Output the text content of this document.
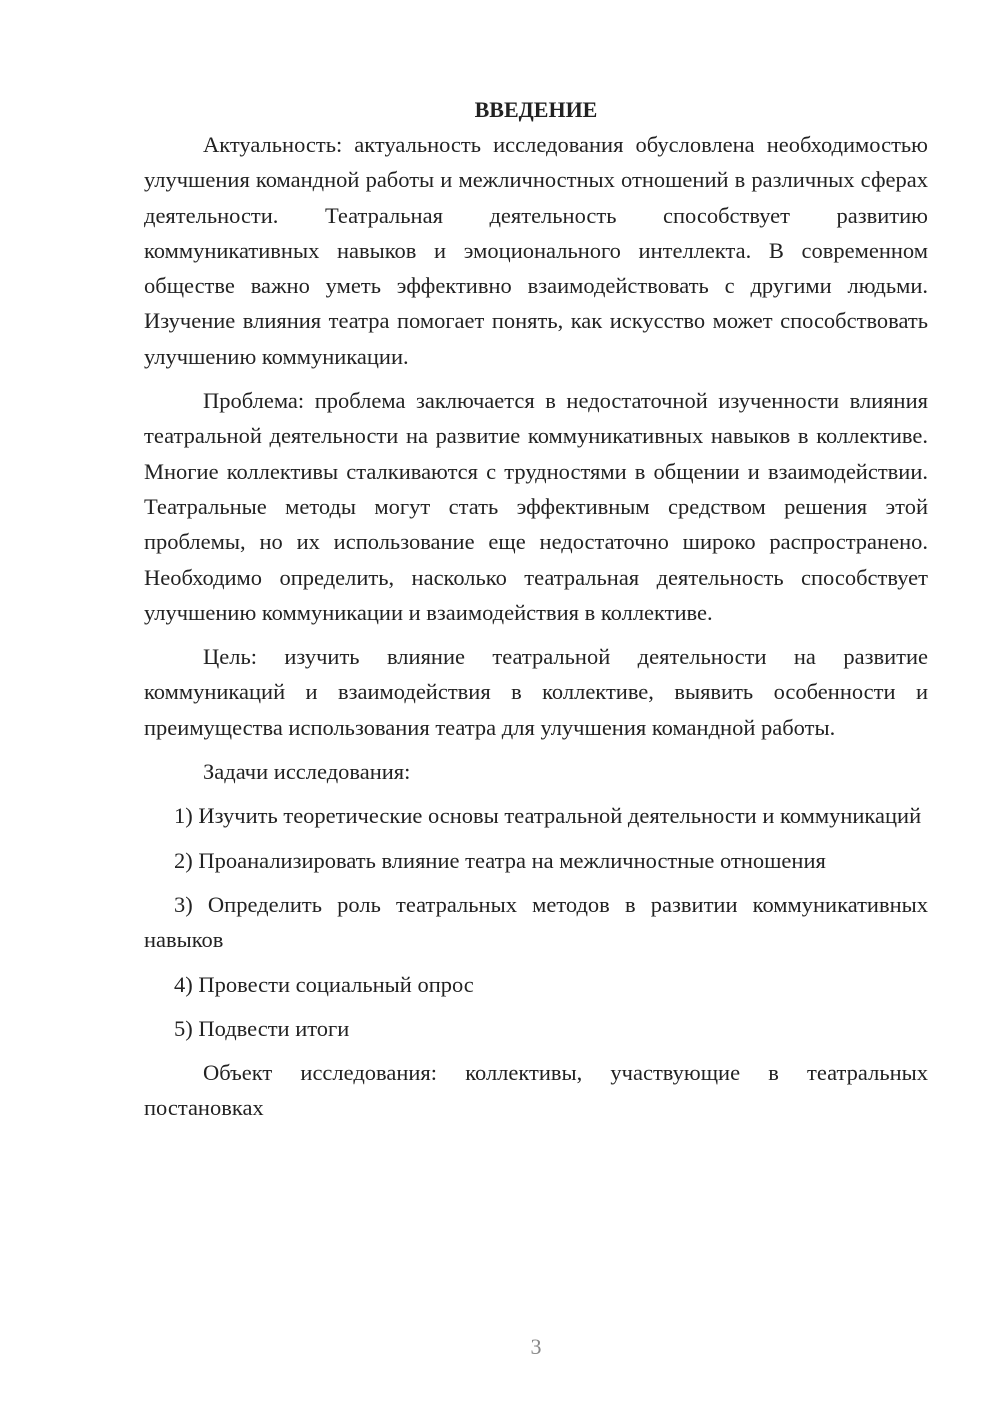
ВВЕДЕНИЕ

Актуальность: актуальность исследования обусловлена необходимостью улучшения командной работы и межличностных отношений в различных сферах деятельности. Театральная деятельность способствует развитию коммуникативных навыков и эмоционального интеллекта. В современном обществе важно уметь эффективно взаимодействовать с другими людьми. Изучение влияния театра помогает понять, как искусство может способствовать улучшению коммуникации.

Проблема: проблема заключается в недостаточной изученности влияния театральной деятельности на развитие коммуникативных навыков в коллективе. Многие коллективы сталкиваются с трудностями в общении и взаимодействии. Театральные методы могут стать эффективным средством решения этой проблемы, но их использование еще недостаточно широко распространено. Необходимо определить, насколько театральная деятельность способствует улучшению коммуникации и взаимодействия в коллективе.

Цель: изучить влияние театральной деятельности на развитие коммуникаций и взаимодействия в коллективе, выявить особенности и преимущества использования театра для улучшения командной работы.

Задачи исследования:

1) Изучить теоретические основы театральной деятельности и коммуникаций

2) Проанализировать влияние театра на межличностные отношения

3) Определить роль театральных методов в развитии коммуникативных навыков

4) Провести социальный опрос

5) Подвести итоги

Объект исследования: коллективы, участвующие в театральных постановках

3
